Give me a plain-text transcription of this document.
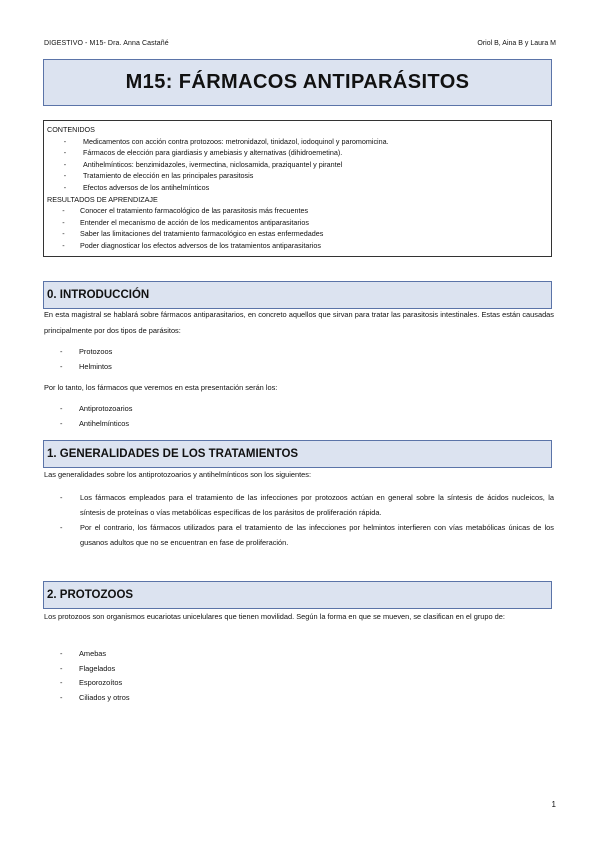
DIGESTIVO - M15- Dra. Anna Castañé	Oriol B, Aina B y Laura M
M15: FÁRMACOS ANTIPARÁSITOS
CONTENIDOS
-	Medicamentos con acción contra protozoos: metronidazol, tinidazol, iodoquinol y paromomicina.
-	Fármacos de elección para giardiasis y amebiasis y alternativas (dihidroemetina).
-	Antihelmínticos: benzimidazoles, ivermectina, niclosamida, praziquantel y pirantel
-	Tratamiento de elección en las principales parasitosis
-	Efectos adversos de los antihelmínticos
RESULTADOS DE APRENDIZAJE
-	Conocer el tratamiento farmacológico de las parasitosis más frecuentes
-	Entender el mecanismo de acción de los medicamentos antiparasitarios
-	Saber las limitaciones del tratamiento farmacológico en estas enfermedades
-	Poder diagnosticar los efectos adversos de los tratamientos antiparasitarios
0. INTRODUCCIÓN
En esta magistral se hablará sobre fármacos antiparasitarios, en concreto aquellos que sirvan para tratar las parasitosis intestinales. Estas están causadas principalmente por dos tipos de parásitos:
-	Protozoos
-	Helmintos
Por lo tanto, los fármacos que veremos en esta presentación serán los:
-	Antiprotozoarios
-	Antihelmínticos
1. GENERALIDADES DE LOS TRATAMIENTOS
Las generalidades sobre los antiprotozoarios y antihelmínticos son los siguientes:
-	Los fármacos empleados para el tratamiento de las infecciones por protozoos actúan en general sobre la síntesis de ácidos nucleicos, la síntesis de proteínas o vías metabólicas específicas de los parásitos de proliferación rápida.
-	Por el contrario, los fármacos utilizados para el tratamiento de las infecciones por helmintos interfieren con vías metabólicas únicas de los gusanos adultos que no se encuentran en fase de proliferación.
2. PROTOZOOS
Los protozoos son organismos eucariotas unicelulares que tienen movilidad. Según la forma en que se mueven, se clasifican en el grupo de:
-	Amebas
-	Flagelados
-	Esporozoítos
-	Ciliados y otros
1
